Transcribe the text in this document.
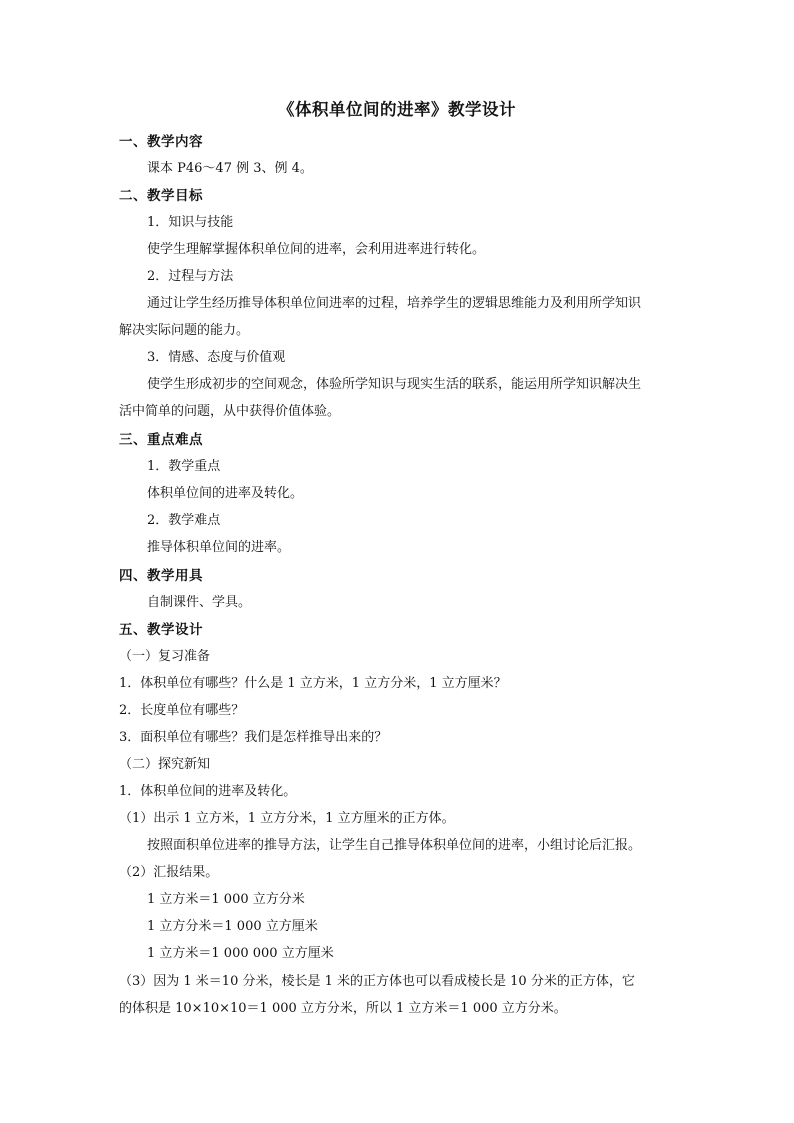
《体积单位间的进率》教学设计
一、教学内容
课本 P46～47 例 3、例 4。
二、教学目标
1．知识与技能
使学生理解掌握体积单位间的进率，会利用进率进行转化。
2．过程与方法
通过让学生经历推导体积单位间进率的过程，培养学生的逻辑思维能力及利用所学知识
解决实际问题的能力。
3．情感、态度与价值观
使学生形成初步的空间观念，体验所学知识与现实生活的联系，能运用所学知识解决生
活中简单的问题，从中获得价值体验。
三、重点难点
1．教学重点
体积单位间的进率及转化。
2．教学难点
推导体积单位间的进率。
四、教学用具
自制课件、学具。
五、教学设计
（一）复习准备
1．体积单位有哪些？什么是 1 立方米，1 立方分米，1 立方厘米？
2．长度单位有哪些？
3．面积单位有哪些？我们是怎样推导出来的？
（二）探究新知
1．体积单位间的进率及转化。
（1）出示 1 立方米，1 立方分米，1 立方厘米的正方体。
按照面积单位进率的推导方法，让学生自己推导体积单位间的进率，小组讨论后汇报。
（2）汇报结果。
1 立方米＝1 000 立方分米
1 立方分米＝1 000 立方厘米
1 立方米＝1 000 000 立方厘米
（3）因为 1 米＝10 分米，棱长是 1 米的正方体也可以看成棱长是 10 分米的正方体，它
的体积是 10×10×10＝1 000 立方分米，所以 1 立方米＝1 000 立方分米。
